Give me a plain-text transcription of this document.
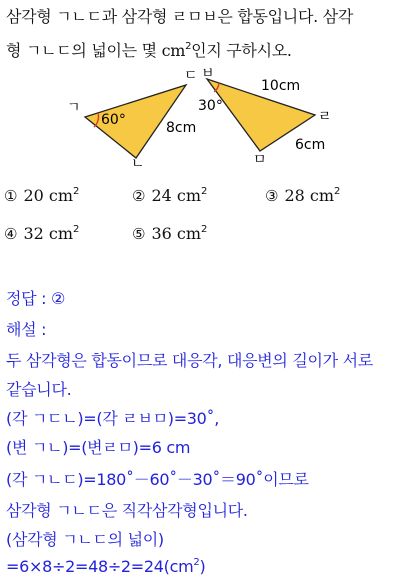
삼각형 ㄱㄴㄷ과 삼각형 ㄹㅁㅂ은 합동입니다. 삼각
형 ㄱㄴㄷ의 넓이는 몇 $cm^2$인지 구하시오.
ㄱ
ㄴ
ㄷ
60°	8cm
ㅂ
ㄹ
ㅁ
30°
10cm
6cm
① 20 $cm^2$	② 24 $cm^2$	③ 28 $cm^2$
④ 32 $cm^2$	⑤ 36 $cm^2$
정답 : ②
해설 :
두 삼각형은 합동이므로 대응각, 대응변의 길이가 서로
같습니다.
(각 ㄱㄷㄴ)=(각 ㄹㅂㅁ)=30˚,
(변 ㄱㄴ)=(변ㄹㅁ)=6 cm
(각 ㄱㄴㄷ)=180˚－60˚－30˚＝90˚이므로
삼각형 ㄱㄴㄷ은 직각삼각형입니다.
(삼각형 ㄱㄴㄷ의 넓이)
$=6\times 8\div 2=48\div 2=24(cm^2)$
